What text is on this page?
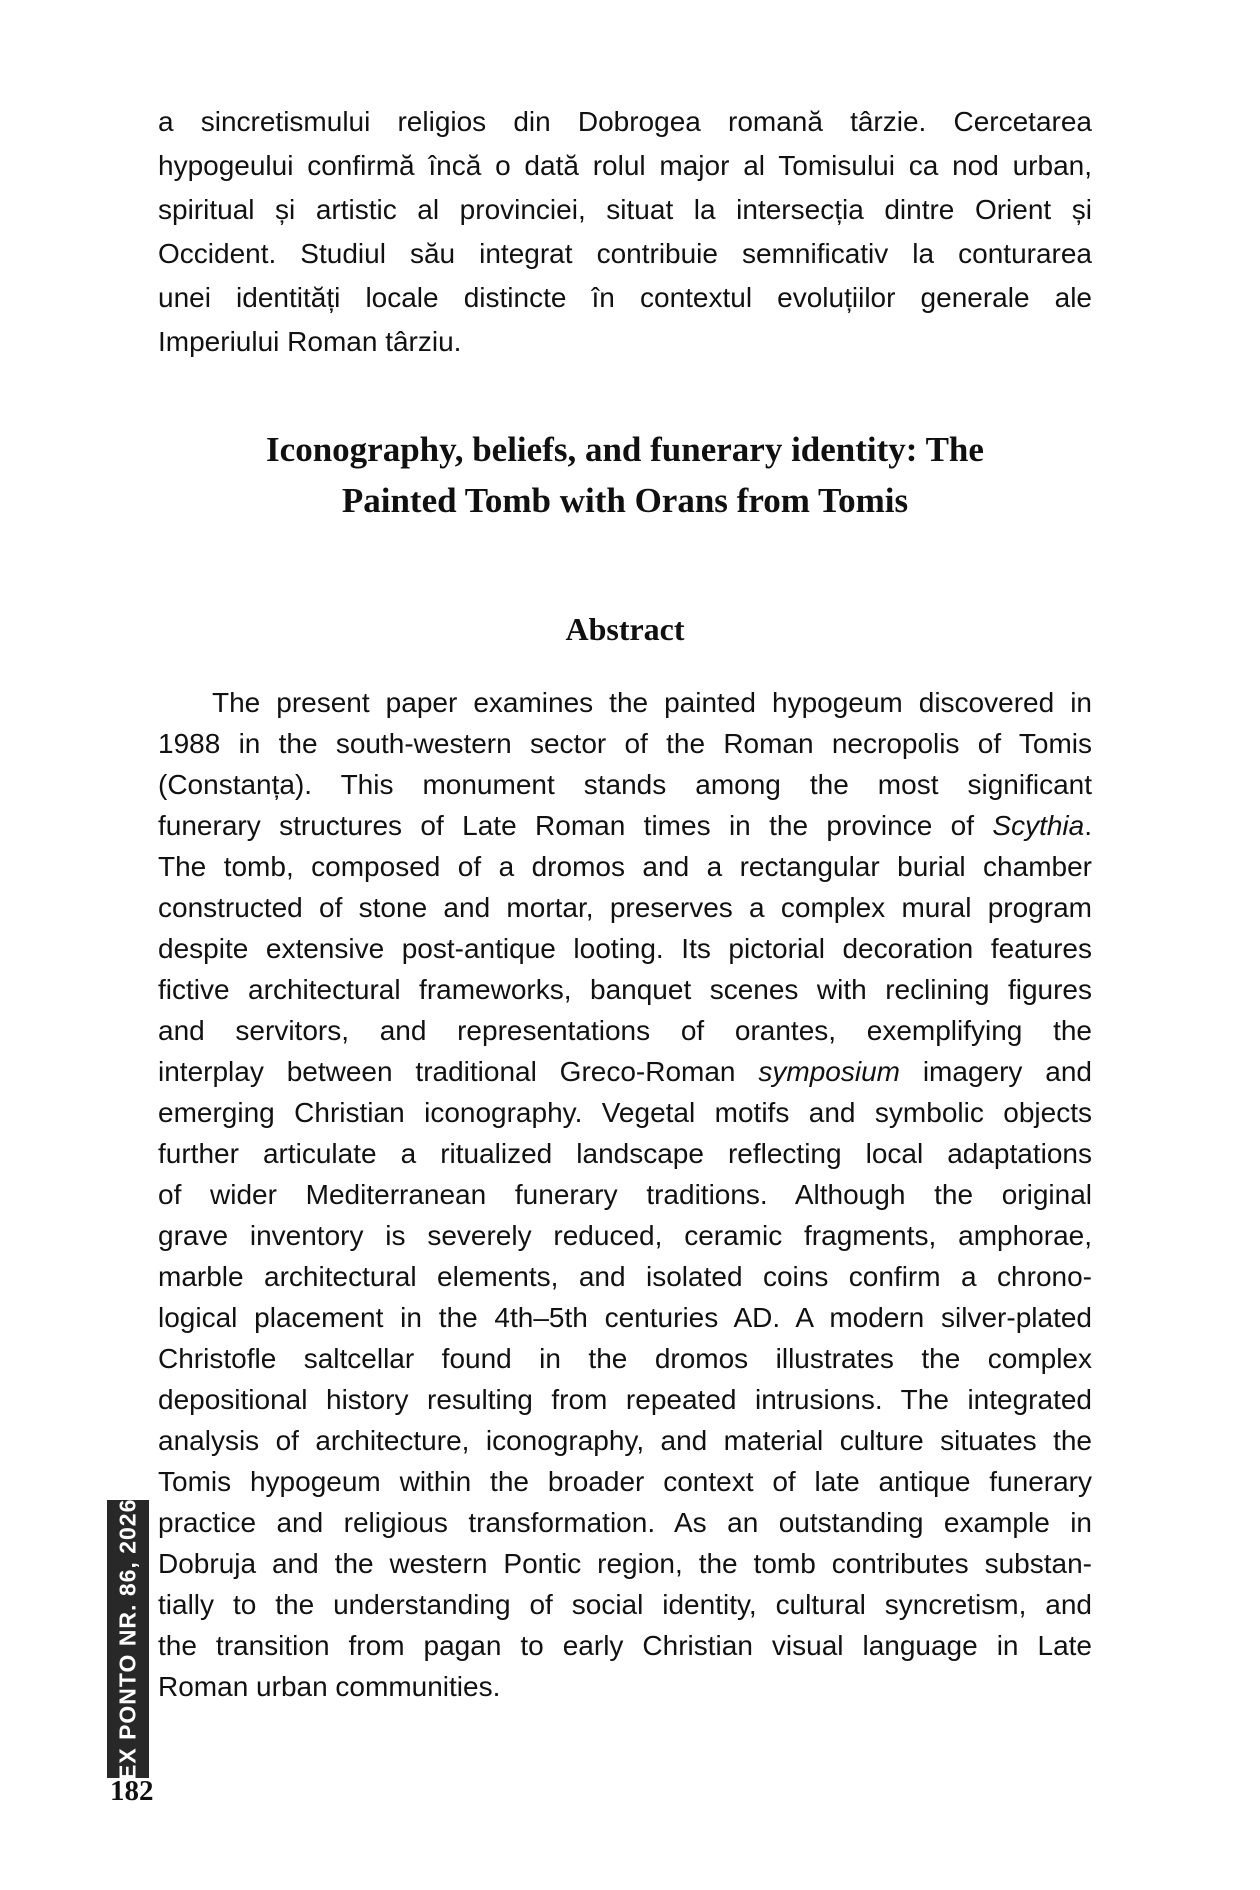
a sincretismului religios din Dobrogea romană târzie. Cercetarea
hypogeului confirmă încă o dată rolul major al Tomisului ca nod urban,
spiritual și artistic al provinciei, situat la intersecția dintre Orient și
Occident. Studiul său integrat contribuie semnificativ la conturarea
unei identități locale distincte în contextul evoluțiilor generale ale
Imperiului Roman târziu.
Iconography, beliefs, and funerary identity: The
Painted Tomb with Orans from Tomis
Abstract
The present paper examines the painted hypogeum discovered in
1988 in the south-western sector of the Roman necropolis of Tomis
(Constanța). This monument stands among the most significant
funerary structures of Late Roman times in the province of Scythia.
The tomb, composed of a dromos and a rectangular burial chamber
constructed of stone and mortar, preserves a complex mural program
despite extensive post-antique looting. Its pictorial decoration features
fictive architectural frameworks, banquet scenes with reclining figures
and servitors, and representations of orantes, exemplifying the
interplay between traditional Greco-Roman symposium imagery and
emerging Christian iconography. Vegetal motifs and symbolic objects
further articulate a ritualized landscape reflecting local adaptations
of wider Mediterranean funerary traditions. Although the original
grave inventory is severely reduced, ceramic fragments, amphorae,
marble architectural elements, and isolated coins confirm a chrono-
logical placement in the 4th–5th centuries AD. A modern silver-plated
Christofle saltcellar found in the dromos illustrates the complex
depositional history resulting from repeated intrusions. The integrated
analysis of architecture, iconography, and material culture situates the
Tomis hypogeum within the broader context of late antique funerary
practice and religious transformation. As an outstanding example in
Dobruja and the western Pontic region, the tomb contributes substan-
tially to the understanding of social identity, cultural syncretism, and
the transition from pagan to early Christian visual language in Late
Roman urban communities.
EX PONTO NR. 86, 2026
182
